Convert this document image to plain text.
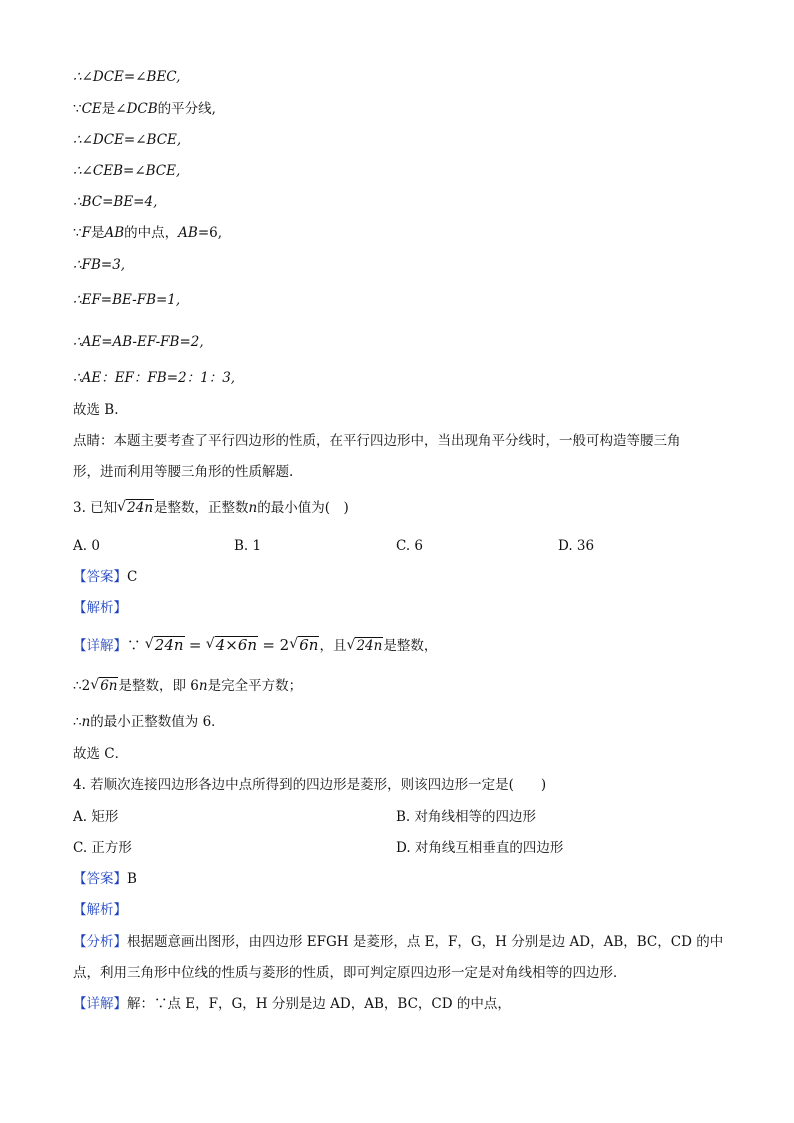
∴∠DCE=∠BEC,
∵CE是∠DCB的平分线,
∴∠DCE=∠BCE,
∴∠CEB=∠BCE,
∴BC=BE=4,
∵F是AB的中点，AB=6,
∴FB=3,
∴EF=BE-FB=1,
∴AE=AB-EF-FB=2,
∴AE：EF：FB=2：1：3,
故选 B.
点睛：本题主要考查了平行四边形的性质，在平行四边形中，当出现角平分线时，一般可构造等腰三角
形，进而利用等腰三角形的性质解题.
3. 已知 √ 24n是整数，正整数n的最小值为(　)
A. 0	B. 1	C. 6	D. 36
【答案】C
【解析】
【详解】∵ √ 24n = √ 4×6n = 2 √ 6n，且 √ 24n是整数，
∴2 √ 6n是整数，即 6n是完全平方数；
∴n的最小正整数值为 6．
故选 C．
4. 若顺次连接四边形各边中点所得到的四边形是菱形，则该四边形一定是(　　)
A. 矩形	B. 对角线相等的四边形
C. 正方形	D. 对角线互相垂直的四边形
【答案】B
【解析】
【分析】根据题意画出图形，由四边形 EFGH 是菱形，点 E，F，G，H 分别是边 AD，AB，BC，CD 的中
点，利用三角形中位线的性质与菱形的性质，即可判定原四边形一定是对角线相等的四边形．
【详解】解：∵点 E，F，G，H 分别是边 AD，AB，BC，CD 的中点，
